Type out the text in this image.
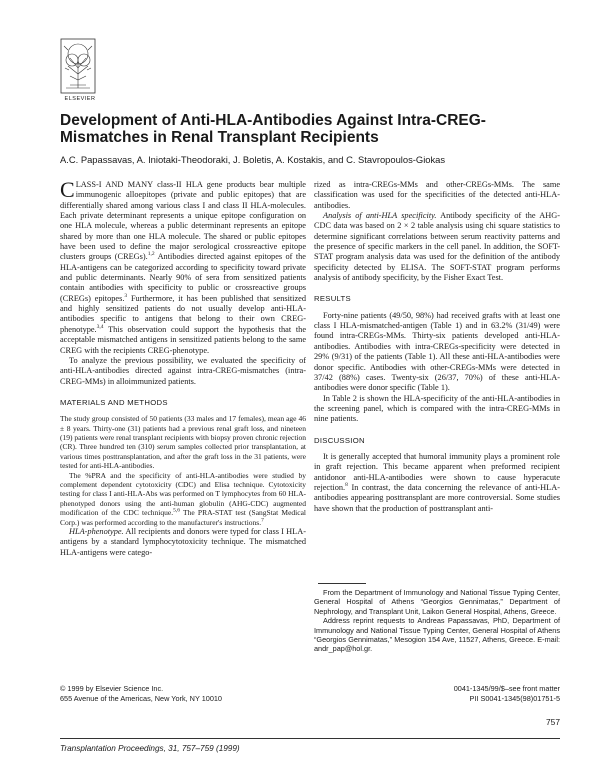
ELSEVIER
Development of Anti-HLA-Antibodies Against Intra-CREG-Mismatches in Renal Transplant Recipients
A.C. Papassavas, A. Iniotaki-Theodoraki, J. Boletis, A. Kostakis, and C. Stavropoulos-Giokas

CLASS-I AND MANY class-II HLA gene products bear multiple immunogenic alloepitopes (private and public epitopes) that are differentially shared among various class I and class II HLA-molecules. Each private determinant represents a unique epitope configuration on one HLA molecule, whereas a public determinant represents an epitope shared by more than one HLA molecule. The shared or public epitopes have been used to define the major serological crossreactive epitope clusters groups (CREGs).$^{1,2}$ Antibodies directed against epitopes of the HLA-antigens can be categorized according to specificity toward private and public determinants. Nearly 90% of sera from sensitized patients contain antibodies with specificity to public or crossreactive groups (CREGs) epitopes.$^3$ Furthermore, it has been published that sensitized and highly sensitized patients do not usually develop anti-HLA-antibodies specific to antigens that belong to their own CREG-phenotype.$^{3,4}$ This observation could support the hypothesis that the acceptable mismatched antigens in sensitized patients belong to the same CREG with the recipients CREG-phenotype.

To analyze the previous possibility, we evaluated the specificity of anti-HLA-antibodies directed against intra-CREG-mismatches (intra-CREG-MMs) in alloimmunized patients.

MATERIALS AND METHODS

The study group consisted of 50 patients (33 males and 17 females), mean age 46 ± 8 years. Thirty-one (31) patients had a previous renal graft loss, and nineteen (19) patients were renal transplant recipients with biopsy proven chronic rejection (CR). Three hundred ten (310) serum samples collected prior transplantation, at various times posttransplantation, and after the graft loss in the 31 patients, were tested for anti-HLA-antibodies.

The %PRA and the specificity of anti-HLA-antibodies were studied by complement dependent cytotoxicity (CDC) and Elisa technique. Cytotoxicity testing for class I anti-HLA-Abs was performed on T lymphocytes from 60 HLA-phenotyped donors using the anti-human globulin (AHG-CDC) augmented modification of the CDC technique.$^{5,6}$ The PRA-STAT test (SangStat Medical Corp.) was performed according to the manufacturer's instructions.$^7$

HLA-phenotype. All recipients and donors were typed for class I HLA-antigens by a standard lymphocytotoxicity technique. The mismatched HLA-antigens were catego-

rized as intra-CREGs-MMs and other-CREGs-MMs. The same classification was used for the specificities of the detected anti-HLA-antibodies.

Analysis of anti-HLA specificity. Antibody specificity of the AHG-CDC data was based on 2 × 2 table analysis using chi square statistics to determine significant correlations between serum reactivity patterns and the presence of specific markers in the cell panel. In addition, the SOFT-STAT program analysis data was used for the definition of the antibody specificity detected by ELISA. The SOFT-STAT program performs analysis of antibody specificity, by the Fisher Exact Test.

RESULTS

Forty-nine patients (49/50, 98%) had received grafts with at least one class I HLA-mismatched-antigen (Table 1) and in 63.2% (31/49) were found intra-CREGs-MMs. Thirty-six patients developed anti-HLA-antibodies. Antibodies with intra-CREGs-specificity were detected in 29% (9/31) of the patients (Table 1). All these anti-HLA-antibodies were donor specific. Antibodies with other-CREGs-MMs were detected in 37/42 (88%) cases. Twenty-six (26/37, 70%) of these anti-HLA-antibodies were donor specific (Table 1).

In Table 2 is shown the HLA-specificity of the anti-HLA-antibodies in the screening panel, which is compared with the intra-CREG-MMs in nine patients.

DISCUSSION

It is generally accepted that humoral immunity plays a prominent role in graft rejection. This became apparent when preformed recipient antidonor anti-HLA-antibodies were shown to cause hyperacute rejection.$^8$ In contrast, the data concerning the relevance of anti-HLA-antibodies appearing posttransplant are more controversial. Some studies have shown that the production of posttransplant anti-

From the Department of Immunology and National Tissue Typing Center, General Hospital of Athens “Georgios Gennimatas,” Department of Nephrology, and Transplant Unit, Laikon General Hospital, Athens, Greece.

Address reprint requests to Andreas Papassavas, PhD, Department of Immunology and National Tissue Typing Center, General Hospital of Athens “Georgios Gennimatas,” Mesogion 154 Ave, 11527, Athens, Greece. E-mail: andr_pap@hol.gr.

© 1999 by Elsevier Science Inc.
655 Avenue of the Americas, New York, NY 10010
0041-1345/99/$–see front matter
PII S0041-1345(98)01751-5
757
Transplantation Proceedings, 31, 757–759 (1999)
